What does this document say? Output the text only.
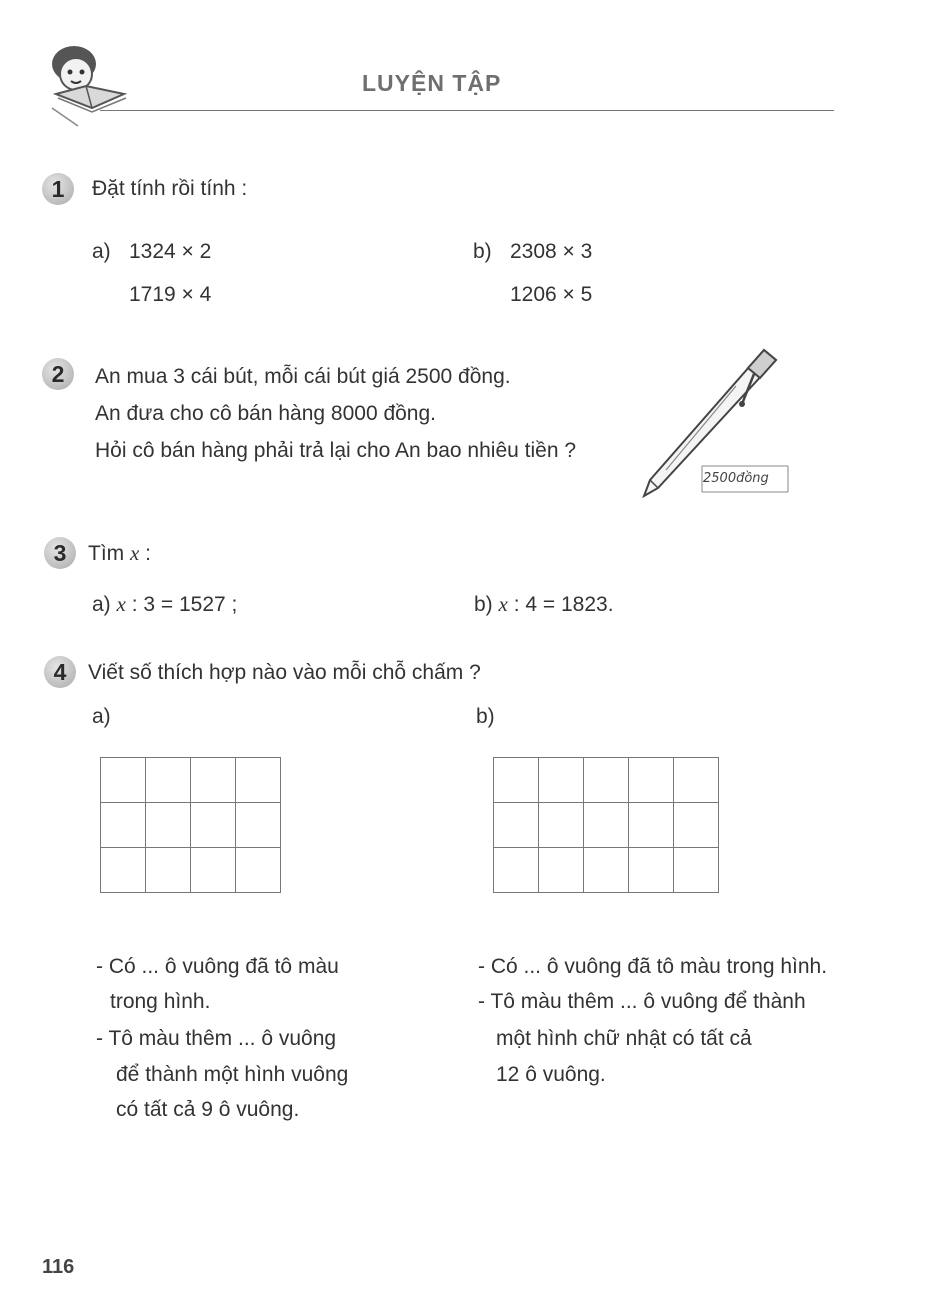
LUYỆN TẬP
1	Đặt tính rồi tính :
a) 1324 × 2
1719 × 4
b) 2308 × 3
1206 × 5
2	An mua 3 cái bút, mỗi cái bút giá 2500 đồng.
An đưa cho cô bán hàng 8000 đồng.
Hỏi cô bán hàng phải trả lại cho An bao nhiêu tiền ?
2500đồng
3	Tìm x :
a) x : 3 = 1527 ;	b) x : 4 = 1823.
4	Viết số thích hợp nào vào mỗi chỗ chấm ?
a)	b)

- Có ... ô vuông đã tô màu
trong hình.
- Tô màu thêm ... ô vuông
để thành một hình vuông
có tất cả 9 ô vuông.
- Có ... ô vuông đã tô màu trong hình.
- Tô màu thêm ... ô vuông để thành
một hình chữ nhật có tất cả
12 ô vuông.
116
